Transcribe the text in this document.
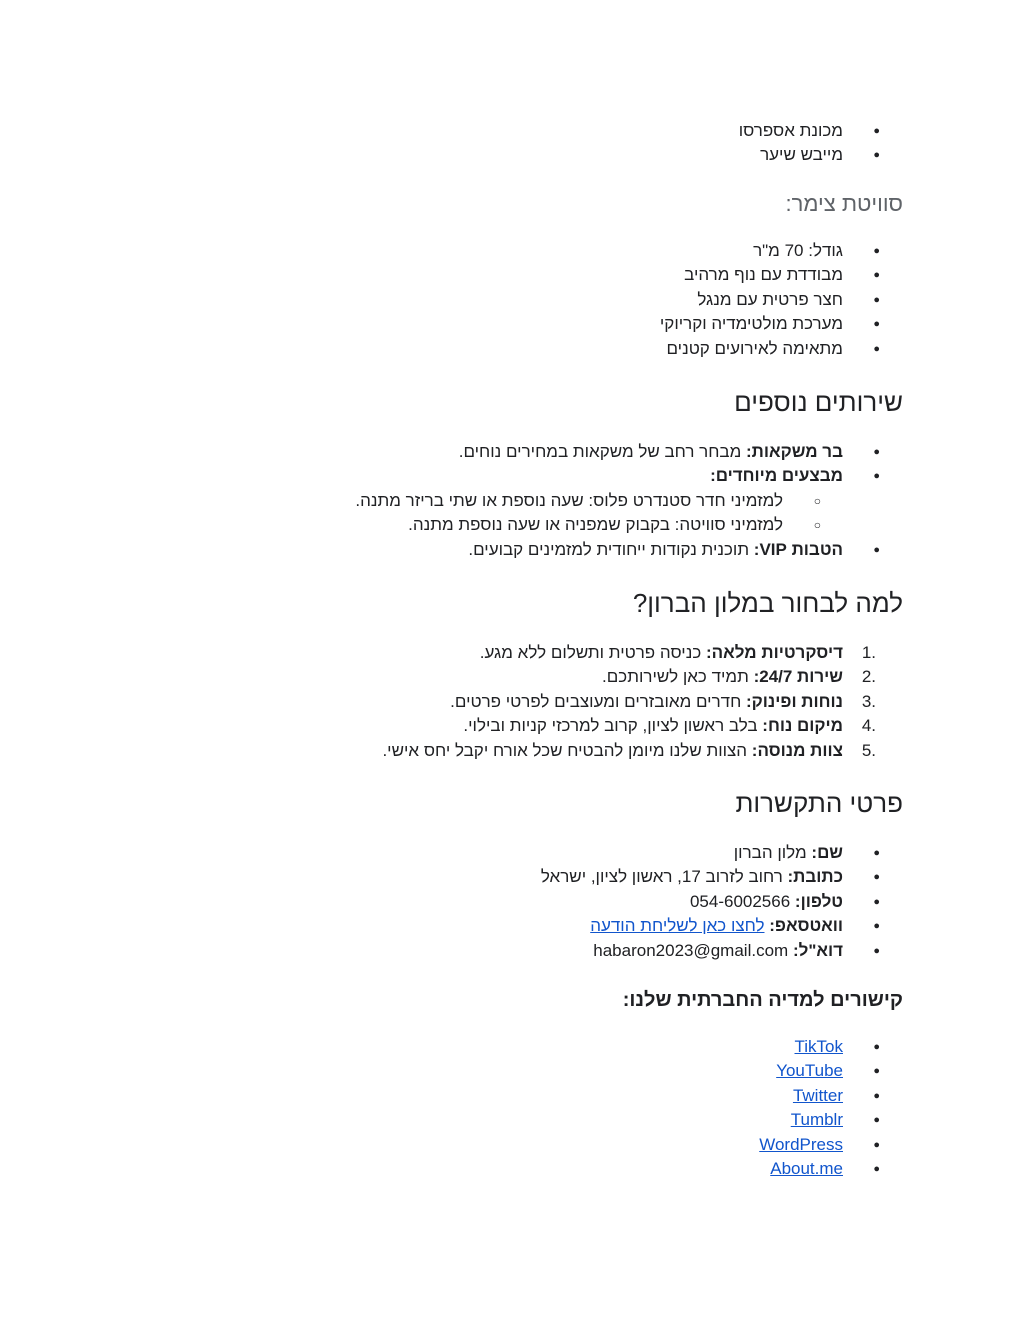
● מכונת אספרסו
● מייבש שיער
סוויטת צימר:
● גודל: 70 מ"ר
● מבודדת עם נוף מרהיב
● חצר פרטית עם מנגל
● מערכת מולטימדיה וקריוקי
● מתאימה לאירועים קטנים
שירותים נוספים
● בר משקאות: מבחר רחב של משקאות במחירים נוחים.
● מבצעים מיוחדים:
○ למזמיני חדר סטנדרט פלוס: שעה נוספת או שתי בריזר מתנה.
○ למזמיני סוויטה: בקבוק שמפניה או שעה נוספת מתנה.
● הטבות VIP: תוכנית נקודות ייחודית למזמינים קבועים.
למה לבחור במלון הברון?
1.
דיסקרטיות מלאה: כניסה פרטית ותשלום ללא מגע.
2.
שירות 24/7: תמיד כאן לשירותכם.
3.
נוחות ופינוק: חדרים מאובזרים ומעוצבים לפרטי פרטים.
4.
מיקום נוח: בלב ראשון לציון, קרוב למרכזי קניות ובילוי.
5.
צוות מנוסה: הצוות שלנו מיומן להבטיח שכל אורח יקבל יחס אישי.
פרטי התקשרות
● שם: מלון הברון
● כתובת: רחוב לזרוב 17, ראשון לציון, ישראל
● טלפון: 054-6002566
● וואטסאפ: לחצו כאן לשליחת הודעה
● דוא"ל: habaron2023@gmail.com
קישורים למדיה החברתית שלנו:
● TikTok
● YouTube
● Twitter
● Tumblr
● WordPress
● About.me
